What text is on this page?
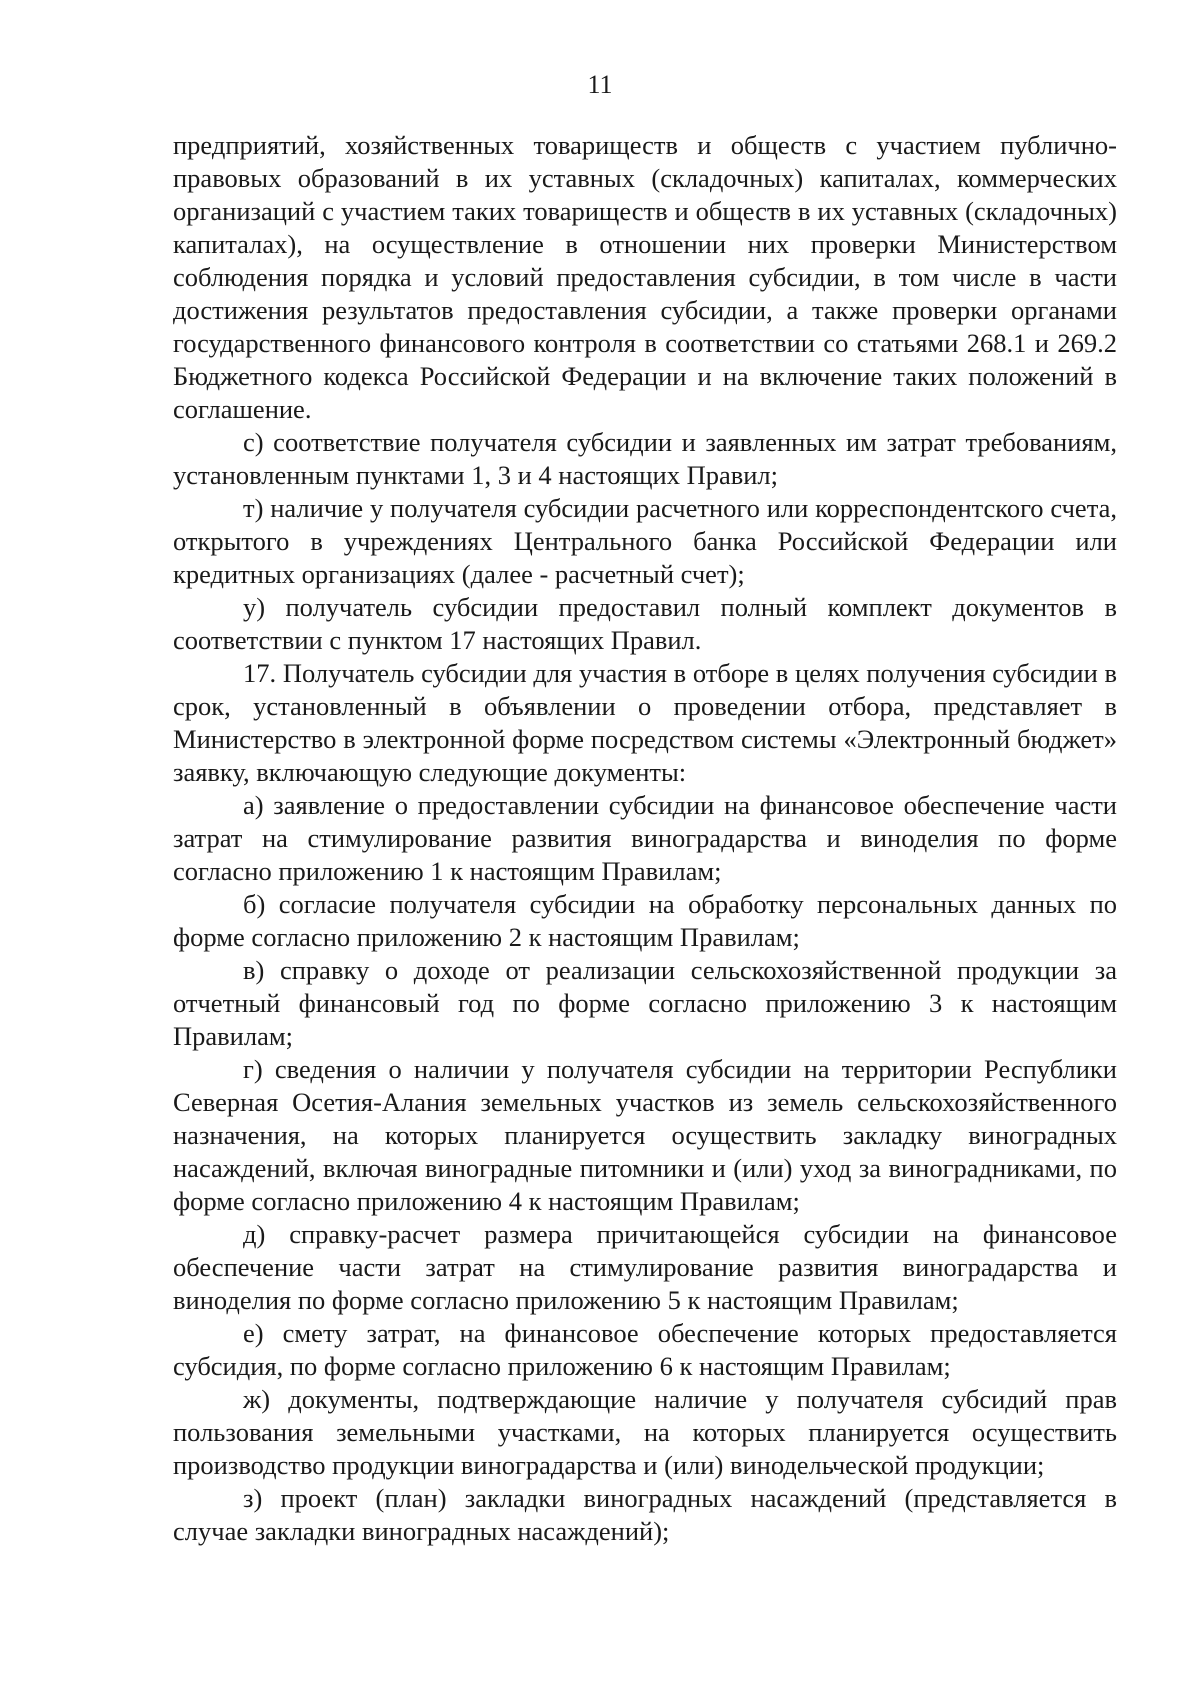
11

предприятий, хозяйственных товариществ и обществ с участием публично-правовых образований в их уставных (складочных) капиталах, коммерческих организаций с участием таких товариществ и обществ в их уставных (складочных) капиталах), на осуществление в отношении них проверки Министерством соблюдения порядка и условий предоставления субсидии, в том числе в части достижения результатов предоставления субсидии, а также проверки органами государственного финансового контроля в соответствии со статьями 268.1 и 269.2 Бюджетного кодекса Российской Федерации и на включение таких положений в соглашение.

с) соответствие получателя субсидии и заявленных им затрат требованиям, установленным пунктами 1, 3 и 4 настоящих Правил;

т) наличие у получателя субсидии расчетного или корреспондентского счета, открытого в учреждениях Центрального банка Российской Федерации или кредитных организациях (далее - расчетный счет);

у) получатель субсидии предоставил полный комплект документов в соответствии с пунктом 17 настоящих Правил.

17. Получатель субсидии для участия в отборе в целях получения субсидии в срок, установленный в объявлении о проведении отбора, представляет в Министерство в электронной форме посредством системы «Электронный бюджет» заявку, включающую следующие документы:

а) заявление о предоставлении субсидии на финансовое обеспечение части затрат на стимулирование развития виноградарства и виноделия по форме согласно приложению 1 к настоящим Правилам;

б) согласие получателя субсидии на обработку персональных данных по форме согласно приложению 2 к настоящим Правилам;

в) справку о доходе от реализации сельскохозяйственной продукции за отчетный финансовый год по форме согласно приложению 3 к настоящим Правилам;

г) сведения о наличии у получателя субсидии на территории Республики Северная Осетия-Алания земельных участков из земель сельскохозяйственного назначения, на которых планируется осуществить закладку виноградных насаждений, включая виноградные питомники и (или) уход за виноградниками, по форме согласно приложению 4 к настоящим Правилам;

д) справку-расчет размера причитающейся субсидии на финансовое обеспечение части затрат на стимулирование развития виноградарства и виноделия по форме согласно приложению 5 к настоящим Правилам;

е) смету затрат, на финансовое обеспечение которых предоставляется субсидия, по форме согласно приложению 6 к настоящим Правилам;

ж) документы, подтверждающие наличие у получателя субсидий прав пользования земельными участками, на которых планируется осуществить производство продукции виноградарства и (или) винодельческой продукции;

з) проект (план) закладки виноградных насаждений (представляется в случае закладки виноградных насаждений);
